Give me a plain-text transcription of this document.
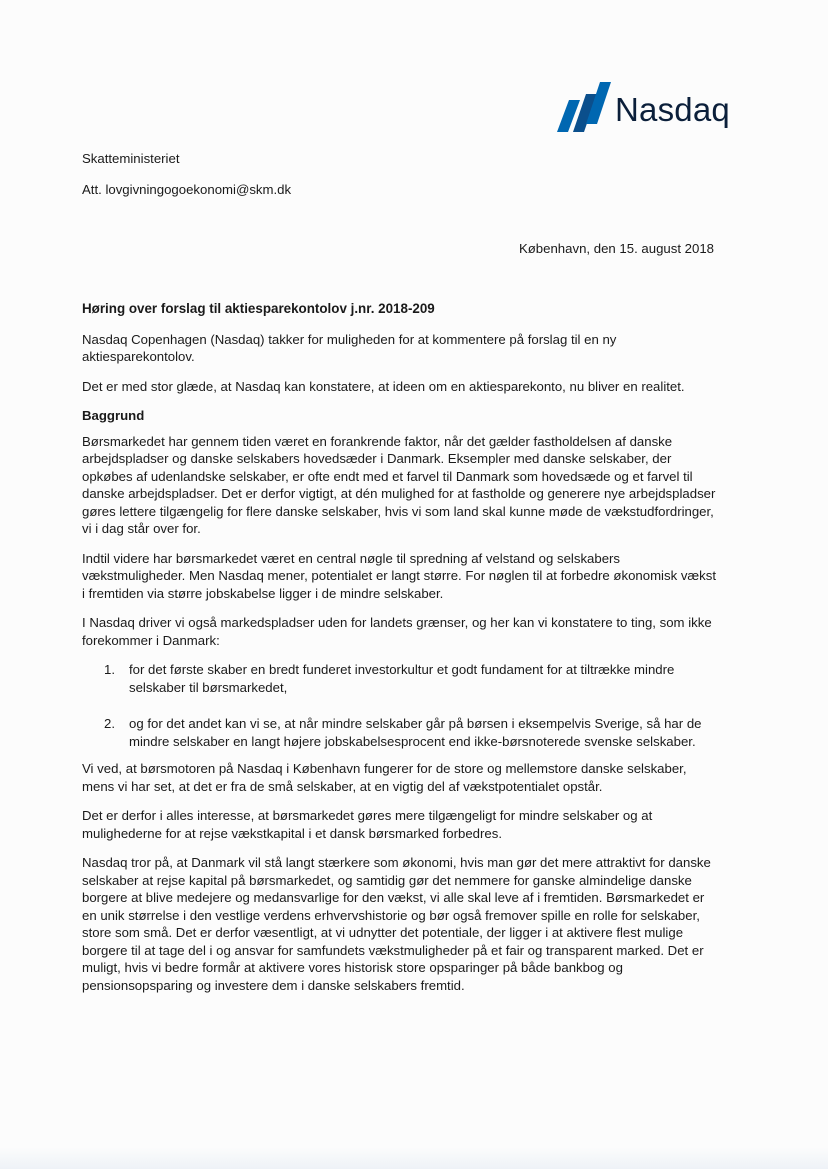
Nasdaq
Skatteministeriet
Att. lovgivningogoekonomi@skm.dk
København, den 15. august 2018

Høring over forslag til aktiesparekontolov j.nr. 2018-209

Nasdaq Copenhagen (Nasdaq) takker for muligheden for at kommentere på forslag til en ny aktiesparekontolov.

Det er med stor glæde, at Nasdaq kan konstatere, at ideen om en aktiesparekonto, nu bliver en realitet.

Baggrund

Børsmarkedet har gennem tiden været en forankrende faktor, når det gælder fastholdelsen af danske arbejdspladser og danske selskabers hovedsæder i Danmark. Eksempler med danske selskaber, der opkøbes af udenlandske selskaber, er ofte endt med et farvel til Danmark som hovedsæde og et farvel til danske arbejdspladser. Det er derfor vigtigt, at dén mulighed for at fastholde og generere nye arbejdspladser gøres lettere tilgængelig for flere danske selskaber, hvis vi som land skal kunne møde de vækstudfordringer, vi i dag står over for.

Indtil videre har børsmarkedet været en central nøgle til spredning af velstand og selskabers vækstmuligheder. Men Nasdaq mener, potentialet er langt større. For nøglen til at forbedre økonomisk vækst i fremtiden via større jobskabelse ligger i de mindre selskaber.

I Nasdaq driver vi også markedspladser uden for landets grænser, og her kan vi konstatere to ting, som ikke forekommer i Danmark:

1.	for det første skaber en bredt funderet investorkultur et godt fundament for at tiltrække mindre selskaber til børsmarkedet,
2.	og for det andet kan vi se, at når mindre selskaber går på børsen i eksempelvis Sverige, så har de mindre selskaber en langt højere jobskabelsesprocent end ikke-børsnoterede svenske selskaber.

Vi ved, at børsmotoren på Nasdaq i København fungerer for de store og mellemstore danske selskaber, mens vi har set, at det er fra de små selskaber, at en vigtig del af vækstpotentialet opstår.

Det er derfor i alles interesse, at børsmarkedet gøres mere tilgængeligt for mindre selskaber og at mulighederne for at rejse vækstkapital i et dansk børsmarked forbedres.

Nasdaq tror på, at Danmark vil stå langt stærkere som økonomi, hvis man gør det mere attraktivt for danske selskaber at rejse kapital på børsmarkedet, og samtidig gør det nemmere for ganske almindelige danske borgere at blive medejere og medansvarlige for den vækst, vi alle skal leve af i fremtiden. Børsmarkedet er en unik størrelse i den vestlige verdens erhvervshistorie og bør også fremover spille en rolle for selskaber, store som små. Det er derfor væsentligt, at vi udnytter det potentiale, der ligger i at aktivere flest mulige borgere til at tage del i og ansvar for samfundets vækstmuligheder på et fair og transparent marked. Det er muligt, hvis vi bedre formår at aktivere vores historisk store opsparinger på både bankbog og pensionsopsparing og investere dem i danske selskabers fremtid.
